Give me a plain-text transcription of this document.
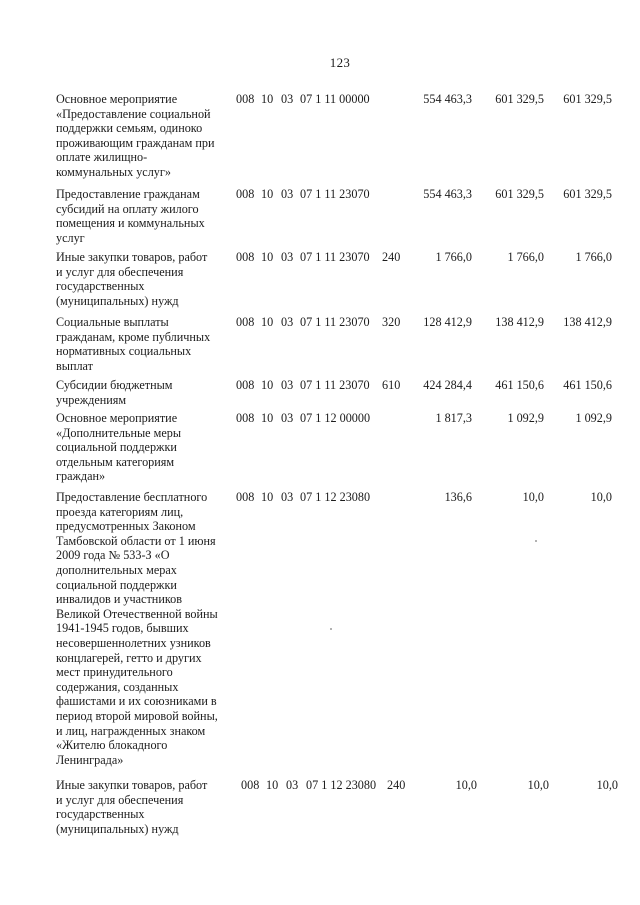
123
Основное мероприятие
«Предоставление социальной
поддержки семьям, одиноко
проживающим гражданам при
оплате жилищно-
коммунальных услуг»
008 10 03 07 1 11 00000	554 463,3	601 329,5	601 329,5
Предоставление гражданам
субсидий на оплату жилого
помещения и коммунальных
услуг
008 10 03 07 1 11 23070	554 463,3	601 329,5	601 329,5
Иные закупки товаров, работ
и услуг для обеспечения
государственных
(муниципальных) нужд
008 10 03 07 1 11 23070 240	1 766,0	1 766,0	1 766,0
Социальные выплаты
гражданам, кроме публичных
нормативных социальных
выплат
008 10 03 07 1 11 23070 320	128 412,9	138 412,9	138 412,9
Субсидии бюджетным
учреждениям
008 10 03 07 1 11 23070 610	424 284,4	461 150,6	461 150,6
Основное мероприятие
«Дополнительные меры
социальной поддержки
отдельным категориям
граждан»
008 10 03 07 1 12 00000	1 817,3	1 092,9	1 092,9
Предоставление бесплатного
проезда категориям лиц,
предусмотренных Законом
Тамбовской области от 1 июня
2009 года № 533-З «О
дополнительных мерах
социальной поддержки
инвалидов и участников
Великой Отечественной войны
1941-1945 годов, бывших
несовершеннолетних узников
концлагерей, гетто и других
мест принудительного
содержания, созданных
фашистами и их союзниками в
период второй мировой войны,
и лиц, награжденных знаком
«Жителю блокадного
Ленинграда»
008 10 03 07 1 12 23080	136,6	10,0	10,0
Иные закупки товаров, работ
и услуг для обеспечения
государственных
(муниципальных) нужд
008 10 03 07 1 12 23080 240	10,0	10,0	10,0
